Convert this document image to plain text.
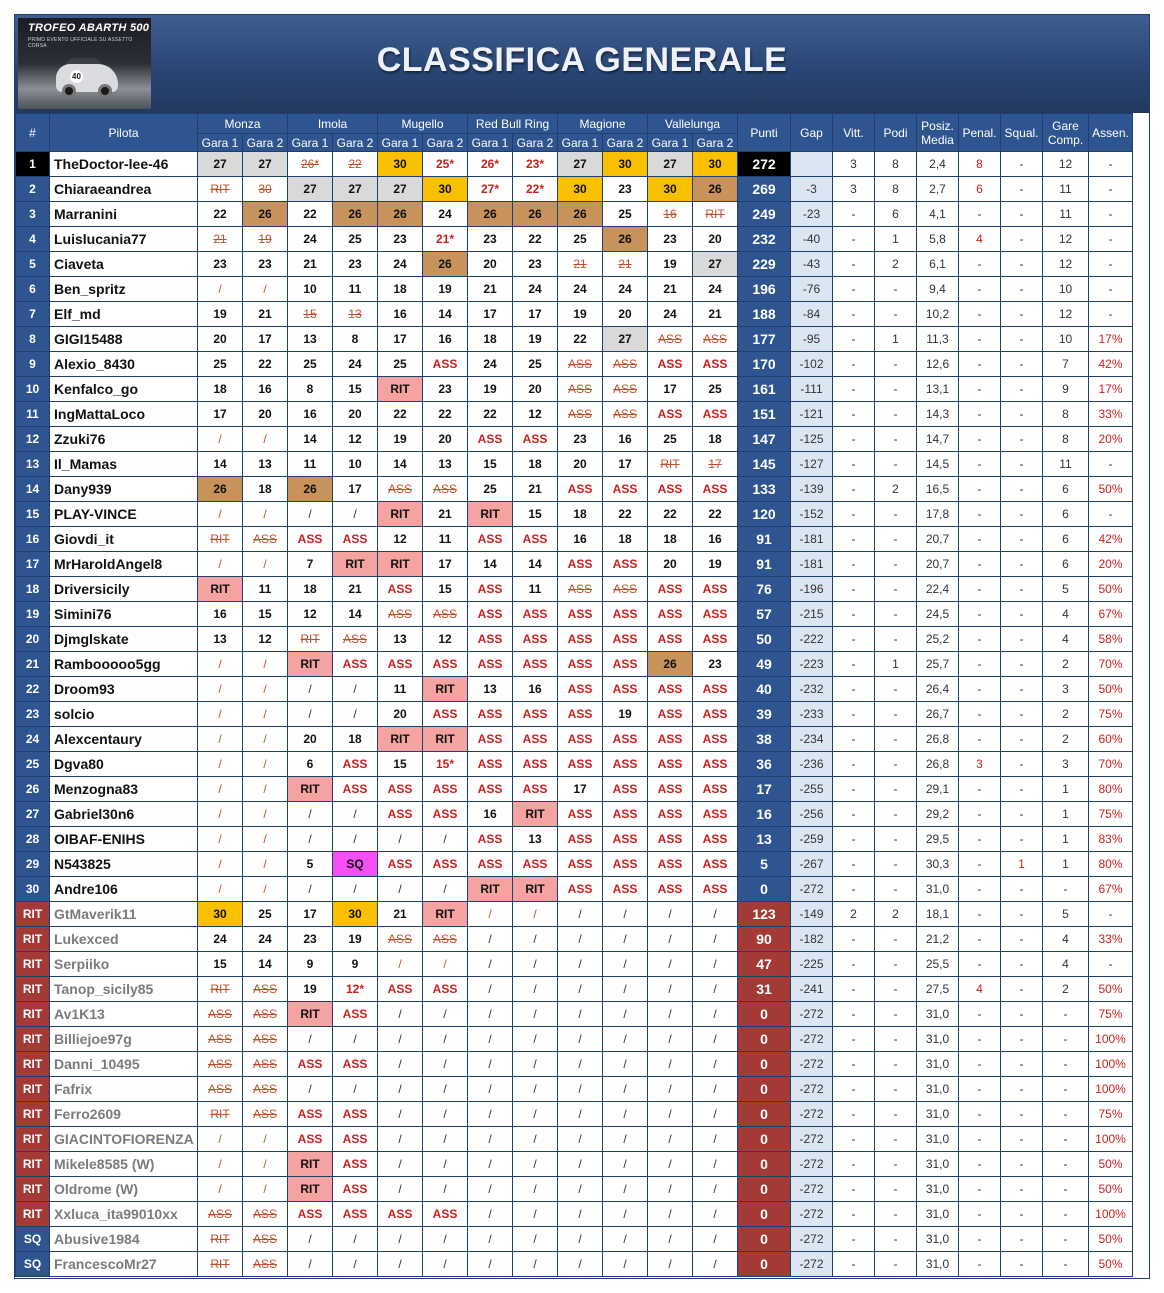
TROFEO ABARTH 500
PRIMO EVENTO UFFICIALE SU ASSETTO CORSA
40	CLASSIFICA GENERALE
#	Pilota	Monza		Imola		Mugello		Red Bull Ring		Magione		Vallelunga		Punti	Gap	Vitt.	Podi	Posiz. Media	Penal.	Squal.	Gare Comp.	Assen.
		Gara 1	Gara 2	Gara 1	Gara 2	Gara 1	Gara 2	Gara 1	Gara 2	Gara 1	Gara 2	Gara 1	Gara 2									
1	TheDoctor-lee-46	27	27	26*	22	30	25*	26*	23*	27	30	27	30	272		3	8	2,4	8	-	12	-
2	Chiaraeandrea	RIT	30	27	27	27	30	27*	22*	30	23	30	26	269	-3	3	8	2,7	6	-	11	-
3	Marranini	22	26	22	26	26	24	26	26	26	25	16	RIT	249	-23	-	6	4,1	-	-	11	-
4	Luislucania77	21	19	24	25	23	21*	23	22	25	26	23	20	232	-40	-	1	5,8	4	-	12	-
5	Ciaveta	23	23	21	23	24	26	20	23	21	21	19	27	229	-43	-	2	6,1	-	-	12	-
6	Ben_spritz	/	/	10	11	18	19	21	24	24	24	21	24	196	-76	-	-	9,4	-	-	10	-
7	Elf_md	19	21	15	13	16	14	17	17	19	20	24	21	188	-84	-	-	10,2	-	-	12	-
8	GIGI15488	20	17	13	8	17	16	18	19	22	27	ASS	ASS	177	-95	-	1	11,3	-	-	10	17%
9	Alexio_8430	25	22	25	24	25	ASS	24	25	ASS	ASS	ASS	ASS	170	-102	-	-	12,6	-	-	7	42%
10	Kenfalco_go	18	16	8	15	RIT	23	19	20	ASS	ASS	17	25	161	-111	-	-	13,1	-	-	9	17%
11	IngMattaLoco	17	20	16	20	22	22	22	12	ASS	ASS	ASS	ASS	151	-121	-	-	14,3	-	-	8	33%
12	Zzuki76	/	/	14	12	19	20	ASS	ASS	23	16	25	18	147	-125	-	-	14,7	-	-	8	20%
13	Il_Mamas	14	13	11	10	14	13	15	18	20	17	RIT	17	145	-127	-	-	14,5	-	-	11	-
14	Dany939	26	18	26	17	ASS	ASS	25	21	ASS	ASS	ASS	ASS	133	-139	-	2	16,5	-	-	6	50%
15	PLAY-VINCE	/	/	/	/	RIT	21	RIT	15	18	22	22	22	120	-152	-	-	17,8	-	-	6	-
16	Giovdi_it	RIT	ASS	ASS	ASS	12	11	ASS	ASS	16	18	18	16	91	-181	-	-	20,7	-	-	6	42%
17	MrHaroldAngel8	/	/	7	RIT	RIT	17	14	14	ASS	ASS	20	19	91	-181	-	-	20,7	-	-	6	20%
18	Driversicily	RIT	11	18	21	ASS	15	ASS	11	ASS	ASS	ASS	ASS	76	-196	-	-	22,4	-	-	5	50%
19	Simini76	16	15	12	14	ASS	ASS	ASS	ASS	ASS	ASS	ASS	ASS	57	-215	-	-	24,5	-	-	4	67%
20	Djmglskate	13	12	RIT	ASS	13	12	ASS	ASS	ASS	ASS	ASS	ASS	50	-222	-	-	25,2	-	-	4	58%
21	Rambooooo5gg	/	/	RIT	ASS	ASS	ASS	ASS	ASS	ASS	ASS	26	23	49	-223	-	1	25,7	-	-	2	70%
22	Droom93	/	/	/	/	11	RIT	13	16	ASS	ASS	ASS	ASS	40	-232	-	-	26,4	-	-	3	50%
23	solcio	/	/	/	/	20	ASS	ASS	ASS	ASS	19	ASS	ASS	39	-233	-	-	26,7	-	-	2	75%
24	Alexcentaury	/	/	20	18	RIT	RIT	ASS	ASS	ASS	ASS	ASS	ASS	38	-234	-	-	26,8	-	-	2	60%
25	Dgva80	/	/	6	ASS	15	15*	ASS	ASS	ASS	ASS	ASS	ASS	36	-236	-	-	26,8	3	-	3	70%
26	Menzogna83	/	/	RIT	ASS	ASS	ASS	ASS	ASS	17	ASS	ASS	ASS	17	-255	-	-	29,1	-	-	1	80%
27	Gabriel30n6	/	/	/	/	ASS	ASS	16	RIT	ASS	ASS	ASS	ASS	16	-256	-	-	29,2	-	-	1	75%
28	OIBAF-ENIHS	/	/	/	/	/	/	ASS	13	ASS	ASS	ASS	ASS	13	-259	-	-	29,5	-	-	1	83%
29	N543825	/	/	5	SQ	ASS	ASS	ASS	ASS	ASS	ASS	ASS	ASS	5	-267	-	-	30,3	-	1	1	80%
30	Andre106	/	/	/	/	/	/	RIT	RIT	ASS	ASS	ASS	ASS	0	-272	-	-	31,0	-	-	-	67%
RIT	GtMaverik11	30	25	17	30	21	RIT	/	/	/	/	/	/	123	-149	2	2	18,1	-	-	5	-
RIT	Lukexced	24	24	23	19	ASS	ASS	/	/	/	/	/	/	90	-182	-	-	21,2	-	-	4	33%
RIT	Serpiiko	15	14	9	9	/	/	/	/	/	/	/	/	47	-225	-	-	25,5	-	-	4	-
RIT	Tanop_sicily85	RIT	ASS	19	12*	ASS	ASS	/	/	/	/	/	/	31	-241	-	-	27,5	4	-	2	50%
RIT	Av1K13	ASS	ASS	RIT	ASS	/	/	/	/	/	/	/	/	0	-272	-	-	31,0	-	-	-	75%
RIT	Billiejoe97g	ASS	ASS	/	/	/	/	/	/	/	/	/	/	0	-272	-	-	31,0	-	-	-	100%
RIT	Danni_10495	ASS	ASS	ASS	ASS	/	/	/	/	/	/	/	/	0	-272	-	-	31,0	-	-	-	100%
RIT	Fafrix	ASS	ASS	/	/	/	/	/	/	/	/	/	/	0	-272	-	-	31,0	-	-	-	100%
RIT	Ferro2609	RIT	ASS	ASS	ASS	/	/	/	/	/	/	/	/	0	-272	-	-	31,0	-	-	-	75%
RIT	GIACINTOFIORENZA	/	/	ASS	ASS	/	/	/	/	/	/	/	/	0	-272	-	-	31,0	-	-	-	100%
RIT	Mikele8585 (W)	/	/	RIT	ASS	/	/	/	/	/	/	/	/	0	-272	-	-	31,0	-	-	-	50%
RIT	Oldrome (W)	/	/	RIT	ASS	/	/	/	/	/	/	/	/	0	-272	-	-	31,0	-	-	-	50%
RIT	Xxluca_ita99010xx	ASS	ASS	ASS	ASS	ASS	ASS	/	/	/	/	/	/	0	-272	-	-	31,0	-	-	-	100%
SQ	Abusive1984	RIT	ASS	/	/	/	/	/	/	/	/	/	/	0	-272	-	-	31,0	-	-	-	50%
SQ	FrancescoMr27	RIT	ASS	/	/	/	/	/	/	/	/	/	/	0	-272	-	-	31,0	-	-	-	50%
